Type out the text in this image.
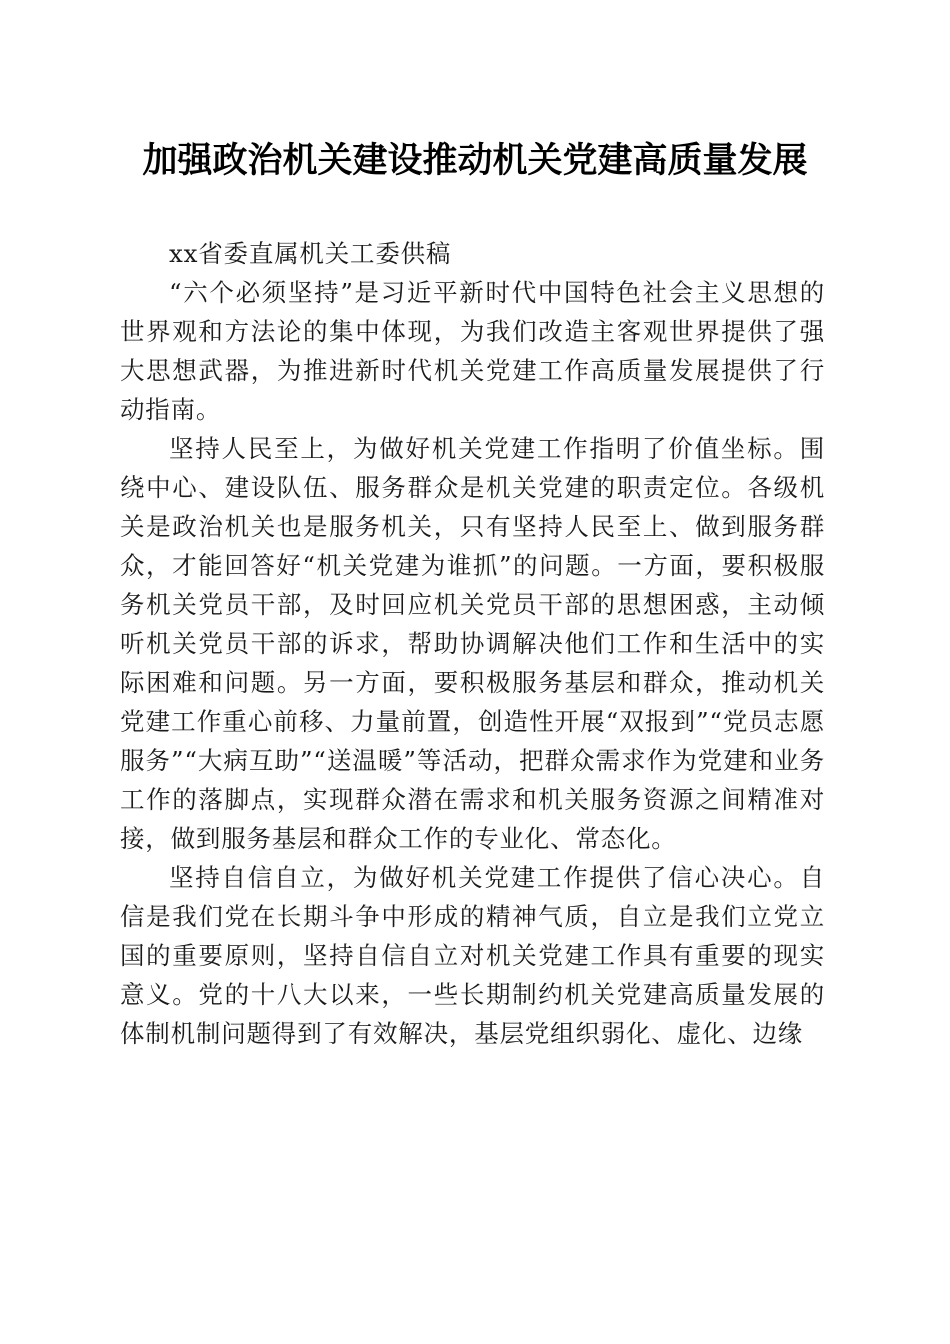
加强政治机关建设推动机关党建高质量发展

xx省委直属机关工委供稿

“六个必须坚持”是习近平新时代中国特色社会主义思想的世界观和方法论的集中体现，为我们改造主客观世界提供了强大思想武器，为推进新时代机关党建工作高质量发展提供了行动指南。

坚持人民至上，为做好机关党建工作指明了价值坐标。围绕中心、建设队伍、服务群众是机关党建的职责定位。各级机关是政治机关也是服务机关，只有坚持人民至上、做到服务群众，才能回答好“机关党建为谁抓”的问题。一方面，要积极服务机关党员干部，及时回应机关党员干部的思想困惑，主动倾听机关党员干部的诉求，帮助协调解决他们工作和生活中的实际困难和问题。另一方面，要积极服务基层和群众，推动机关党建工作重心前移、力量前置，创造性开展“双报到”“党员志愿服务”“大病互助”“送温暖”等活动，把群众需求作为党建和业务工作的落脚点，实现群众潜在需求和机关服务资源之间精准对接，做到服务基层和群众工作的专业化、常态化。

坚持自信自立，为做好机关党建工作提供了信心决心。自信是我们党在长期斗争中形成的精神气质，自立是我们立党立国的重要原则，坚持自信自立对机关党建工作具有重要的现实意义。党的十八大以来，一些长期制约机关党建高质量发展的体制机制问题得到了有效解决，基层党组织弱化、虚化、边缘
